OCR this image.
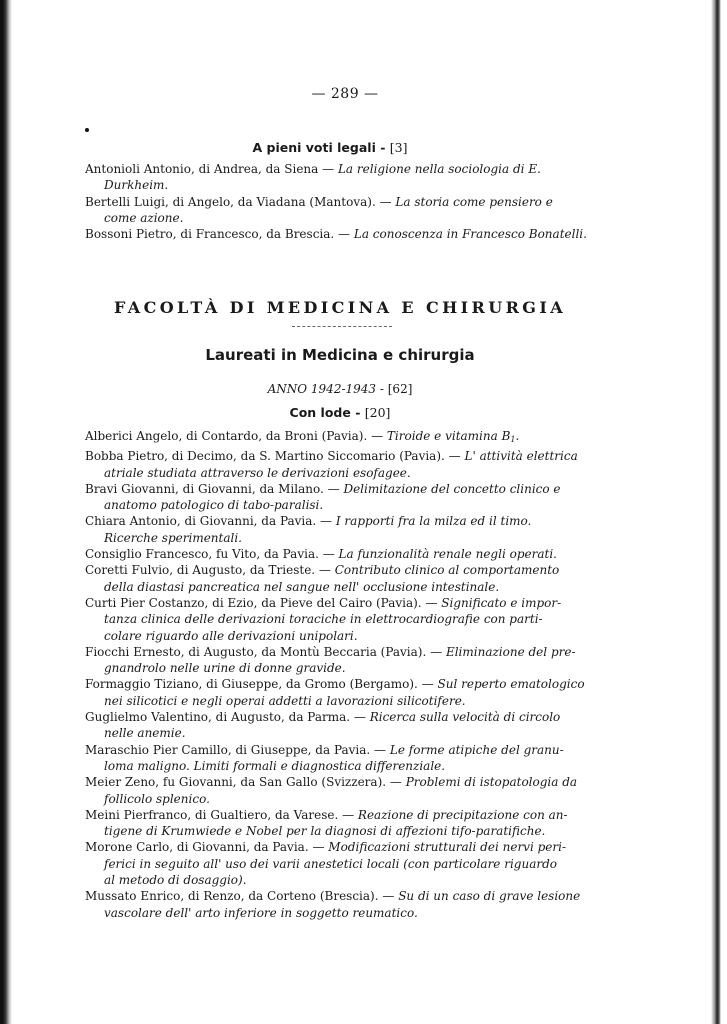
— 289 —
A pieni voti legali - [3]
Antonioli Antonio, di Andrea, da Siena — La religione nella sociologia di E.
Durkheim.
Bertelli Luigi, di Angelo, da Viadana (Mantova). — La storia come pensiero e
come azione.
Bossoni Pietro, di Francesco, da Brescia. — La conoscenza in Francesco Bonatelli.
FACOLTÀ DI MEDICINA E CHIRURGIA
Laureati in Medicina e chirurgia
ANNO 1942-1943 - [62]
Con lode - [20]
Alberici Angelo, di Contardo, da Broni (Pavia). — Tiroide e vitamina $B_1$.
Bobba Pietro, di Decimo, da S. Martino Siccomario (Pavia). — L' attività elettrica
atriale studiata attraverso le derivazioni esofagee.
Bravi Giovanni, di Giovanni, da Milano. — Delimitazione del concetto clinico e
anatomo patologico di tabo-paralisi.
Chiara Antonio, di Giovanni, da Pavia. — I rapporti fra la milza ed il timo.
Ricerche sperimentali.
Consiglio Francesco, fu Vito, da Pavia. — La funzionalità renale negli operati.
Coretti Fulvio, di Augusto, da Trieste. — Contributo clinico al comportamento
della diastasi pancreatica nel sangue nell' occlusione intestinale.
Curti Pier Costanzo, di Ezio, da Pieve del Cairo (Pavia). — Significato e impor-
tanza clinica delle derivazioni toraciche in elettrocardiografie con parti-
colare riguardo alle derivazioni unipolari.
Fiocchi Ernesto, di Augusto, da Montù Beccaria (Pavia). — Eliminazione del pre-
gnandrolo nelle urine di donne gravide.
Formaggio Tiziano, di Giuseppe, da Gromo (Bergamo). — Sul reperto ematologico
nei silicotici e negli operai addetti a lavorazioni silicotifere.
Guglielmo Valentino, di Augusto, da Parma. — Ricerca sulla velocità di circolo
nelle anemie.
Maraschio Pier Camillo, di Giuseppe, da Pavia. — Le forme atipiche del granu-
loma maligno. Limiti formali e diagnostica differenziale.
Meier Zeno, fu Giovanni, da San Gallo (Svizzera). — Problemi di istopatologia da
follicolo splenico.
Meini Pierfranco, di Gualtiero, da Varese. — Reazione di precipitazione con an-
tigene di Krumwiede e Nobel per la diagnosi di affezioni tifo-paratifiche.
Morone Carlo, di Giovanni, da Pavia. — Modificazioni strutturali dei nervi peri-
ferici in seguito all' uso dei varii anestetici locali (con particolare riguardo
al metodo di dosaggio).
Mussato Enrico, di Renzo, da Corteno (Brescia). — Su di un caso di grave lesione
vascolare dell' arto inferiore in soggetto reumatico.
